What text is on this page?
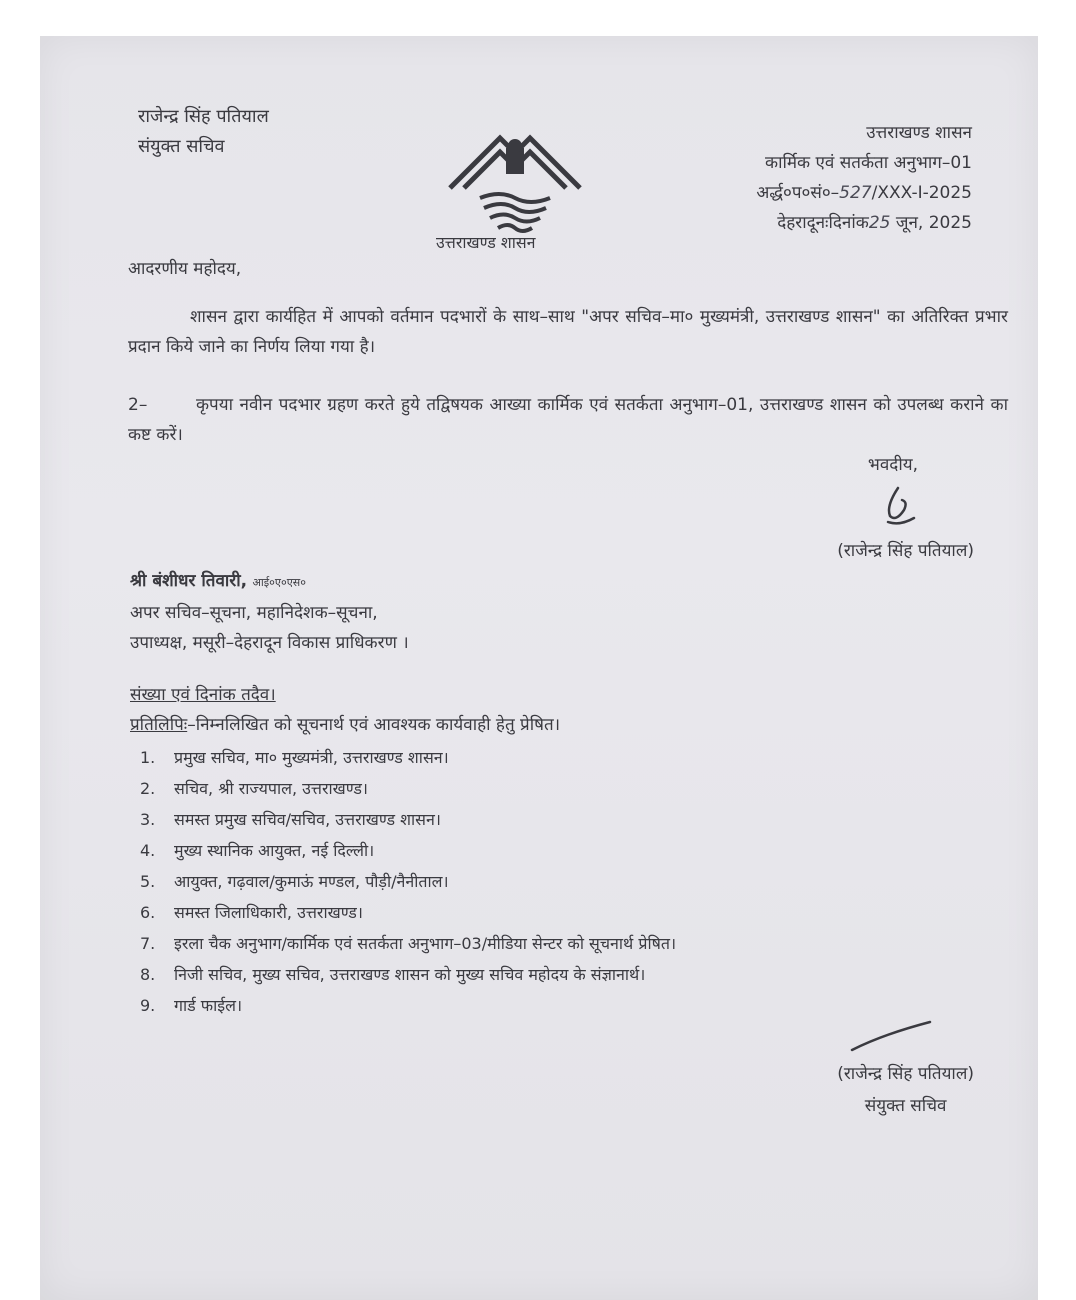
राजेन्द्र सिंह पतियाल
संयुक्त सचिव
उत्तराखण्ड शासन
उत्तराखण्ड शासन
कार्मिक एवं सतर्कता अनुभाग–01
अर्द्ध०प०सं०–527/XXX-I-2025
देहरादूनःदिनांक25 जून, 2025
आदरणीय महोदय,
शासन द्वारा कार्यहित में आपको वर्तमान पदभारों के साथ–साथ "अपर सचिव–मा० मुख्यमंत्री, उत्तराखण्ड शासन" का अतिरिक्त प्रभार प्रदान किये जाने का निर्णय लिया गया है।
2–	कृपया नवीन पदभार ग्रहण करते हुये तद्विषयक आख्या कार्मिक एवं सतर्कता अनुभाग–01, उत्तराखण्ड शासन को उपलब्ध कराने का कष्ट करें।
भवदीय,
(राजेन्द्र सिंह पतियाल)
श्री बंशीधर तिवारी, आई०ए०एस०
अपर सचिव–सूचना, महानिदेशक–सूचना,
उपाध्यक्ष, मसूरी–देहरादून विकास प्राधिकरण ।
संख्या एवं दिनांक तदैव।
प्रतिलिपिः–निम्नलिखित को सूचनार्थ एवं आवश्यक कार्यवाही हेतु प्रेषित।
1. प्रमुख सचिव, मा० मुख्यमंत्री, उत्तराखण्ड शासन।
2. सचिव, श्री राज्यपाल, उत्तराखण्ड।
3. समस्त प्रमुख सचिव/सचिव, उत्तराखण्ड शासन।
4. मुख्य स्थानिक आयुक्त, नई दिल्ली।
5. आयुक्त, गढ़वाल/कुमाऊं मण्डल, पौड़ी/नैनीताल।
6. समस्त जिलाधिकारी, उत्तराखण्ड।
7. इरला चैक अनुभाग/कार्मिक एवं सतर्कता अनुभाग–03/मीडिया सेन्टर को सूचनार्थ प्रेषित।
8. निजी सचिव, मुख्य सचिव, उत्तराखण्ड शासन को मुख्य सचिव महोदय के संज्ञानार्थ।
9. गार्ड फाईल।
(राजेन्द्र सिंह पतियाल)
संयुक्त सचिव
